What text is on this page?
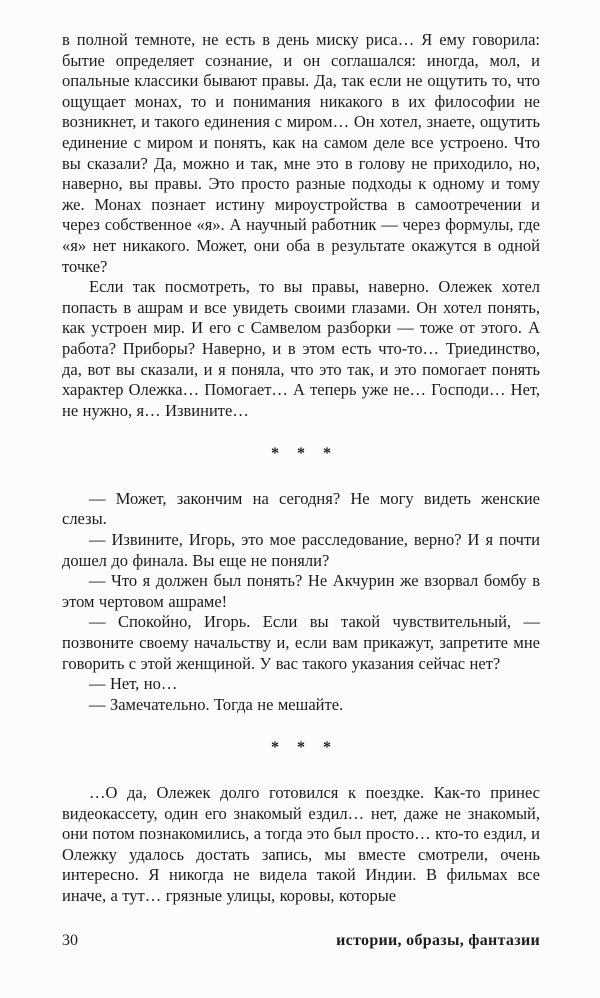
в полной темноте, не есть в день миску риса… Я ему говорила: бытие определяет сознание, и он соглашался: иногда, мол, и опальные классики бывают правы. Да, так если не ощутить то, что ощущает монах, то и понимания никакого в их философии не возникнет, и такого единения с миром… Он хотел, знаете, ощутить единение с миром и понять, как на самом деле все устроено. Что вы сказали? Да, можно и так, мне это в голову не приходило, но, наверно, вы правы. Это просто разные подходы к одному и тому же. Монах познает истину мироустройства в самоотречении и через собственное «я». А научный работник — через формулы, где «я» нет никакого. Может, они оба в результате окажутся в одной точке?

Если так посмотреть, то вы правы, наверно. Олежек хотел попасть в ашрам и все увидеть своими глазами. Он хотел понять, как устроен мир. И его с Самвелом разборки — тоже от этого. А работа? Приборы? Наверно, и в этом есть что-то… Триединство, да, вот вы сказали, и я поняла, что это так, и это помогает понять характер Олежка… Помогает… А теперь уже не… Господи… Нет, не нужно, я… Извините…

* * *

— Может, закончим на сегодня? Не могу видеть женские слезы.

— Извините, Игорь, это мое расследование, верно? И я почти дошел до финала. Вы еще не поняли?

— Что я должен был понять? Не Акчурин же взорвал бомбу в этом чертовом ашраме!

— Спокойно, Игорь. Если вы такой чувствительный, — позвоните своему начальству и, если вам прикажут, запретите мне говорить с этой женщиной. У вас такого указания сейчас нет?

— Нет, но…

— Замечательно. Тогда не мешайте.

* * *

…О да, Олежек долго готовился к поездке. Как-то принес видеокассету, один его знакомый ездил… нет, даже не знакомый, они потом познакомились, а тогда это был просто… кто-то ездил, и Олежку удалось достать запись, мы вместе смотрели, очень интересно. Я никогда не видела такой Индии. В фильмах все иначе, а тут… грязные улицы, коровы, которые

30	истории, образы, фантазии
